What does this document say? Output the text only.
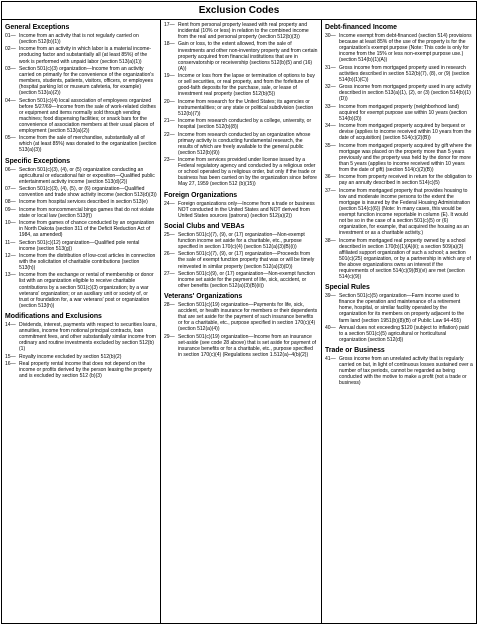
Exclusion Codes
General Exceptions
01— Income from an activity that is not regularly carried on (section 512(b)(1))
02— Income from an activity in which labor is a material income-producing factor and substantially all (at least 85%) of the work is performed with unpaid labor (section 513(a)(1))
03— Section 501(c)(3) organization—Income from an activity carried on primarily for the convenience of the organization's members, students, patients, visitors, officers, or employees (hospital parking lot or museum cafeteria, for example) (section 513(a)(2))
04— Section 501(c)(4) local association of employees organized before 5/27/69—Income from the sale of work-related clothes or equipment and items normally sold through vending machines; food dispensing facilities; or snack bars for the convenience of association members at their usual places of employment (section 513(a)(2))
05— Income from the sale of merchandise, substantially all of which (at least 85%) was donated to the organization (section 513(a)(3))
Specific Exceptions
06— Section 501(c)(3), (4), or (5) organization conducting an agricultural or educational fair or exposition—Qualified public entertainment activity income (section 513(d)(2))
07— Section 501(c)(3), (4), (5), or (6) organization—Qualified convention and trade show activity income (section 513(d)(3))
08— Income from hospital services described in section 513(e)
09— Income from noncommercial bingo games that do not violate state or local law (section 513(f))
10— Income from games of chance conducted by an organization in North Dakota (section 311 of the Deficit Reduction Act of 1984, as amended)
11— Section 501(c)(12) organization—Qualified pole rental income (section 513(g))
12— Income from the distribution of low-cost articles in connection with the solicitation of charitable contributions (section 513(h))
13— Income from the exchange or rental of membership or donor list with an organization eligible to receive charitable contributions by a section 501(c)(3) organization; by a war veterans' organization; or an auxiliary unit or society of, or trust or foundation for, a war veterans' post or organization (section 513(h))
Modifications and Exclusions
14— Dividends, interest, payments with respect to securities loans, annuities, income from notional principal contracts, loan commitment fees, and other substantially similar income from ordinary and routine investments excluded by section 512(b)(1)
15— Royalty income excluded by section 512(b)(2)
16— Real property rental income that does not depend on the income or profits derived by the person leasing the property and is excluded by section 512 (b)(3)
17— Rent from personal property leased with real property and incidental (10% or less) in relation to the combined income from the real and personal property (section 512(b)(3))
18— Gain or loss, to the extent allowed, from the sale of investments and other non-inventory property and from certain property acquired from financial institutions that are in conservatorship or receivership (sections 512(b)(5) and (16)(A))
19— Income or loss from the lapse or termination of options to buy or sell securities, or real property, and from the forfeiture of good-faith deposits for the purchase, sale, or lease of investment real property (section 512(b)(5))
20— Income from research for the United States; its agencies or instrumentalities; or any state or political subdivision (section 512(b)(7))
21— Income from research conducted by a college, university, or hospital (section 512(b)(8))
22— Income from research conducted by an organization whose primary activity is conducting fundamental research, the results of which are freely available to the general public (section 512(b)(9))
23— Income from services provided under license issued by a Federal regulatory agency and conducted by a religious order or school operated by a religious order, but only if the trade or business has been carried on by the organization since before May 27, 1959 (section 512 (b)(15))
Foreign Organizations
24— Foreign organizations only—Income from a trade or business NOT conducted in the United States and NOT derived from United States sources (patrons) (section 512(a)(2))
Social Clubs and VEBAs
25— Section 501(c)(7), (9), or (17) organization—Non-exempt function income set aside for a charitable, etc., purpose specified in section 170(c)(4) (section 512(a)(3)(B)(i))
26— Section 501(c)(7), (9), or (17) organization—Proceeds from the sale of exempt function property that was or will be timely reinvested in similar property (section 512(a)(3)(D))
27— Section 501(c)(9), or (17) organization—Non-exempt function income set aside for the payment of life, sick, accident, or other benefits (section 512(a)(3)(B)(ii))
Veterans' Organizations
28— Section 501(c)(19) organization—Payments for life, sick, accident, or health insurance for members or their dependents that are set aside for the payment of such insurance benefits or for a charitable, etc., purpose specified in section 170(c)(4) (section 512(a)(4))
29— Section 501(c)(19) organization—Income from an insurance set-aside (see code 28 above) that is set aside for payment of insurance benefits or for a charitable, etc., purpose specified in section 170(c)(4) (Regulations section 1.512(a)–4(b)(2))
Debt-financed Income
30— Income exempt from debt-financed (section 514) provisions because at least 85% of the use of the property is for the organization's exempt purpose (Note: This code is only for income from the 15% or less non-exempt purpose use.) (section 514(b)(1)(A))
31— Gross income from mortgaged property used in research activities described in section 512(b)(7), (8), or (9) (section 514(b)(1)(C))
32— Gross income from mortgaged property used in any activity described in section 513(a)(1), (2), or (3) (section 514(b)(1)(D))
33— Income from mortgaged property (neighborhood land) acquired for exempt purpose use within 10 years (section 514(b)(3))
34— Income from mortgaged property acquired by bequest or devise (applies to income received within 10 years from the date of acquisition) (section 514(c)(2)(B))
35— Income from mortgaged property acquired by gift where the mortgage was placed on the property more than 5 years previously and the property was held by the donor for more than 5 years (applies to income received within 10 years from the date of gift) (section 514(c)(2)(B))
36— Income from property received in return for the obligation to pay an annuity described in section 514(c)(5)
37— Income from mortgaged property that provides housing to low and moderate income persons to the extent the mortgage is insured by the Federal Housing Administration (section 514(c)(6)) (Note: In many cases, this would be exempt function income reportable in column (E). It would not be so in the case of a section 501(c)(5) or (6) organization, for example, that acquired the housing as an investment or as a charitable activity.)
38— Income from mortgaged real property owned by a school described in section 170(b)(1)(A)(ii); a section 509(a)(3) affiliated support organization of such a school; a section 501(c)(25) organization, or by a partnership in which any of the above organizations owns an interest if the requirements of section 514(c)(9)(B)(vi) are met (section 514(c)(9))
Special Rules
39— Section 501(c)(5) organization—Farm income used to finance the operation and maintenance of a retirement home, hospital, or similar facility operated by the organization for its members on property adjacent to the farm land (section 1951(b)(8)(B) of Public Law 94-455)
40— Annual dues not exceeding $120 (subject to inflation) paid to a section 501(c)(5) agricultural or horticultural organization (section 512(d))
Trade or Business
41— Gross income from an unrelated activity that is regularly carried on but, in light of continuous losses sustained over a number of tax periods, cannot be regarded as being conducted with the motive to make a profit (not a trade or business)
